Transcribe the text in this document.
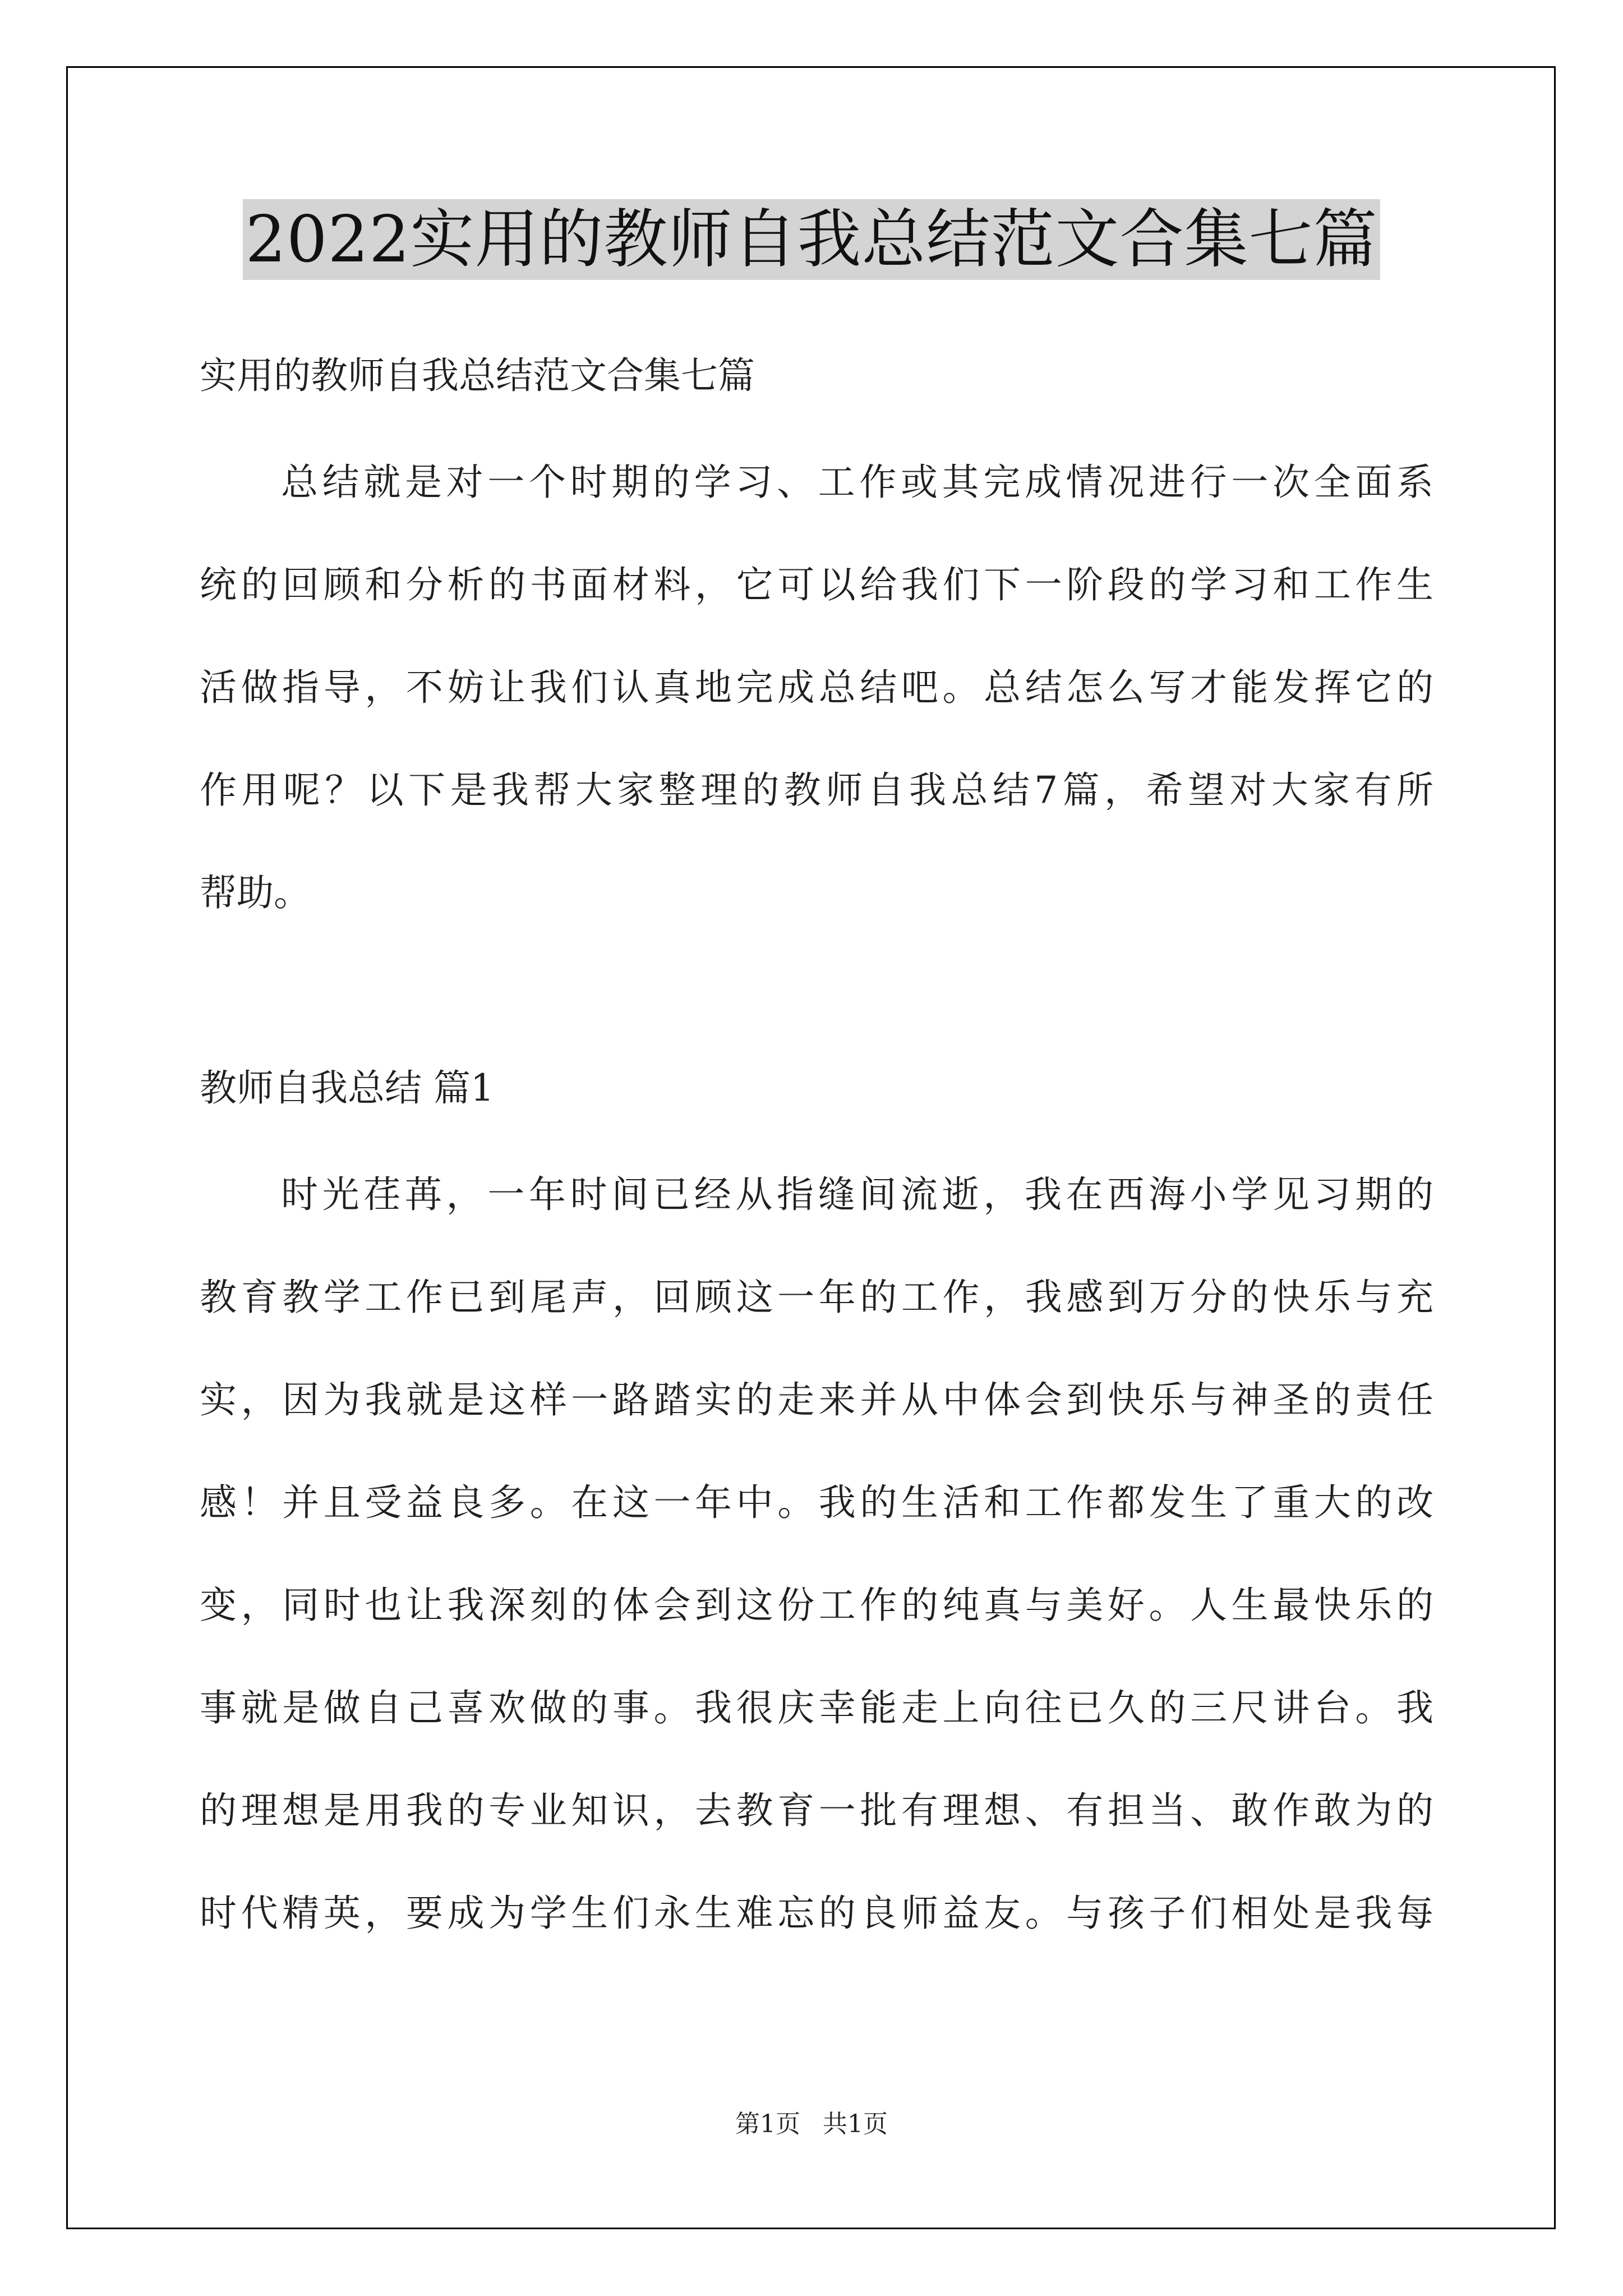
2022实用的教师自我总结范文合集七篇
实用的教师自我总结范文合集七篇
总结就是对一个时期的学习、工作或其完成情况进行一次全面系
统的回顾和分析的书面材料，它可以给我们下一阶段的学习和工作生
活做指导，不妨让我们认真地完成总结吧。总结怎么写才能发挥它的
作用呢？以下是我帮大家整理的教师自我总结7篇，希望对大家有所
帮助。
教师自我总结 篇1
时光荏苒，一年时间已经从指缝间流逝，我在西海小学见习期的
教育教学工作已到尾声，回顾这一年的工作，我感到万分的快乐与充
实，因为我就是这样一路踏实的走来并从中体会到快乐与神圣的责任
感！并且受益良多。在这一年中。我的生活和工作都发生了重大的改
变，同时也让我深刻的体会到这份工作的纯真与美好。人生最快乐的
事就是做自己喜欢做的事。我很庆幸能走上向往已久的三尺讲台。我
的理想是用我的专业知识，去教育一批有理想、有担当、敢作敢为的
时代精英，要成为学生们永生难忘的良师益友。与孩子们相处是我每
第1页 共1页
